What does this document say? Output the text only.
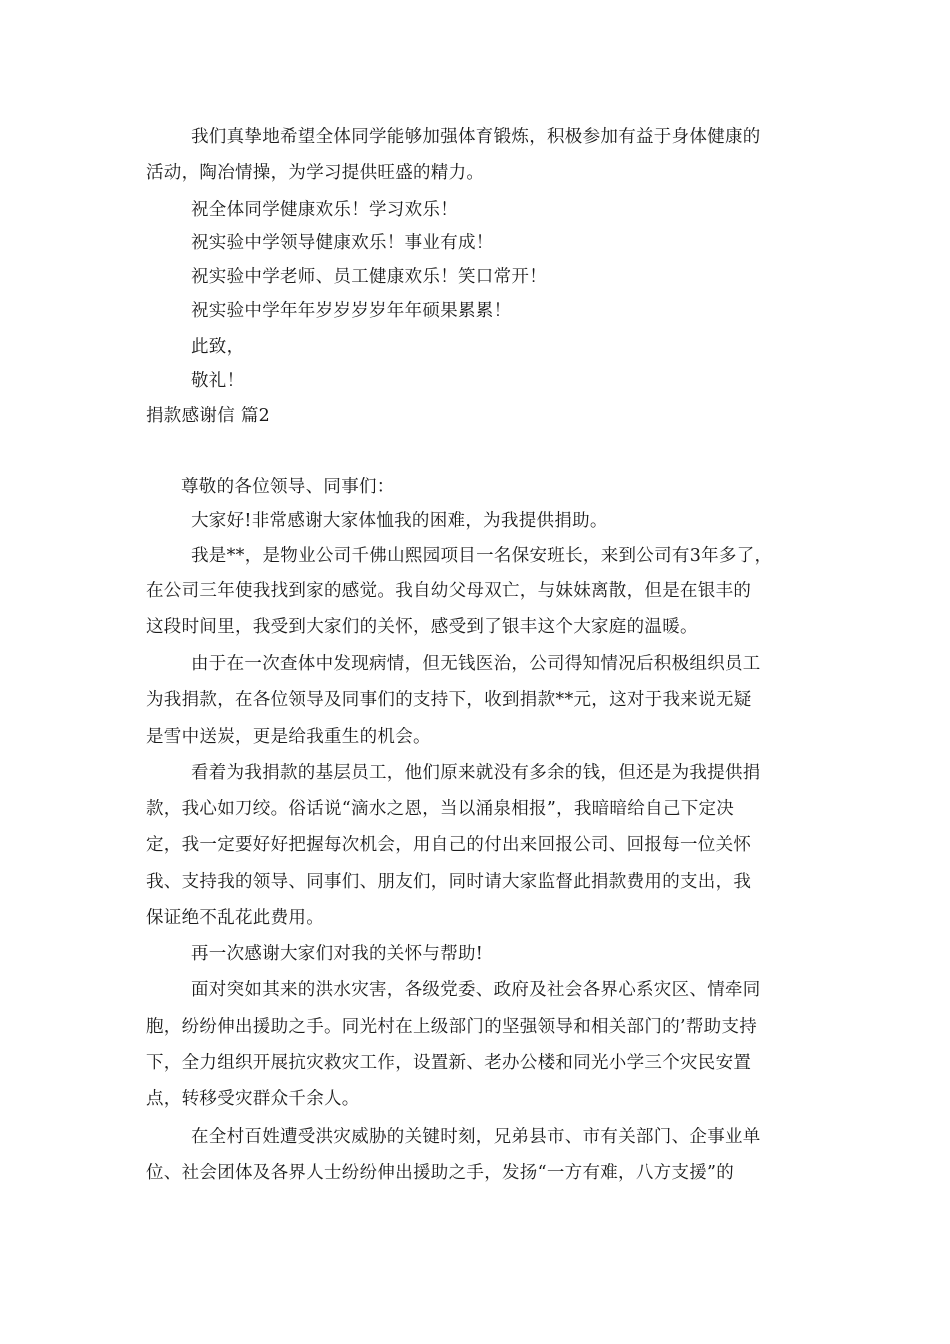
我们真挚地希望全体同学能够加强体育锻炼，积极参加有益于身体健康的
活动，陶冶情操，为学习提供旺盛的精力。
祝全体同学健康欢乐！学习欢乐！
祝实验中学领导健康欢乐！事业有成！
祝实验中学老师、员工健康欢乐！笑口常开！
祝实验中学年年岁岁岁岁年年硕果累累！
此致，
敬礼！
捐款感谢信 篇2
尊敬的各位领导、同事们：
大家好!非常感谢大家体恤我的困难，为我提供捐助。
我是**，是物业公司千佛山熙园项目一名保安班长，来到公司有3年多了，
在公司三年使我找到家的感觉。我自幼父母双亡，与妹妹离散，但是在银丰的
这段时间里，我受到大家们的关怀，感受到了银丰这个大家庭的温暖。
由于在一次查体中发现病情，但无钱医治，公司得知情况后积极组织员工
为我捐款，在各位领导及同事们的支持下，收到捐款**元，这对于我来说无疑
是雪中送炭，更是给我重生的机会。
看着为我捐款的基层员工，他们原来就没有多余的钱，但还是为我提供捐
款，我心如刀绞。俗话说“滴水之恩，当以涌泉相报”，我暗暗给自己下定决
定，我一定要好好把握每次机会，用自己的付出来回报公司、回报每一位关怀
我、支持我的领导、同事们、朋友们，同时请大家监督此捐款费用的支出，我
保证绝不乱花此费用。
再一次感谢大家们对我的关怀与帮助!
面对突如其来的洪水灾害，各级党委、政府及社会各界心系灾区、情牵同
胞，纷纷伸出援助之手。同光村在上级部门的坚强领导和相关部门的’帮助支持
下，全力组织开展抗灾救灾工作，设置新、老办公楼和同光小学三个灾民安置
点，转移受灾群众千余人。
在全村百姓遭受洪灾威胁的关键时刻，兄弟县市、市有关部门、企事业单
位、社会团体及各界人士纷纷伸出援助之手，发扬“一方有难，八方支援”的
